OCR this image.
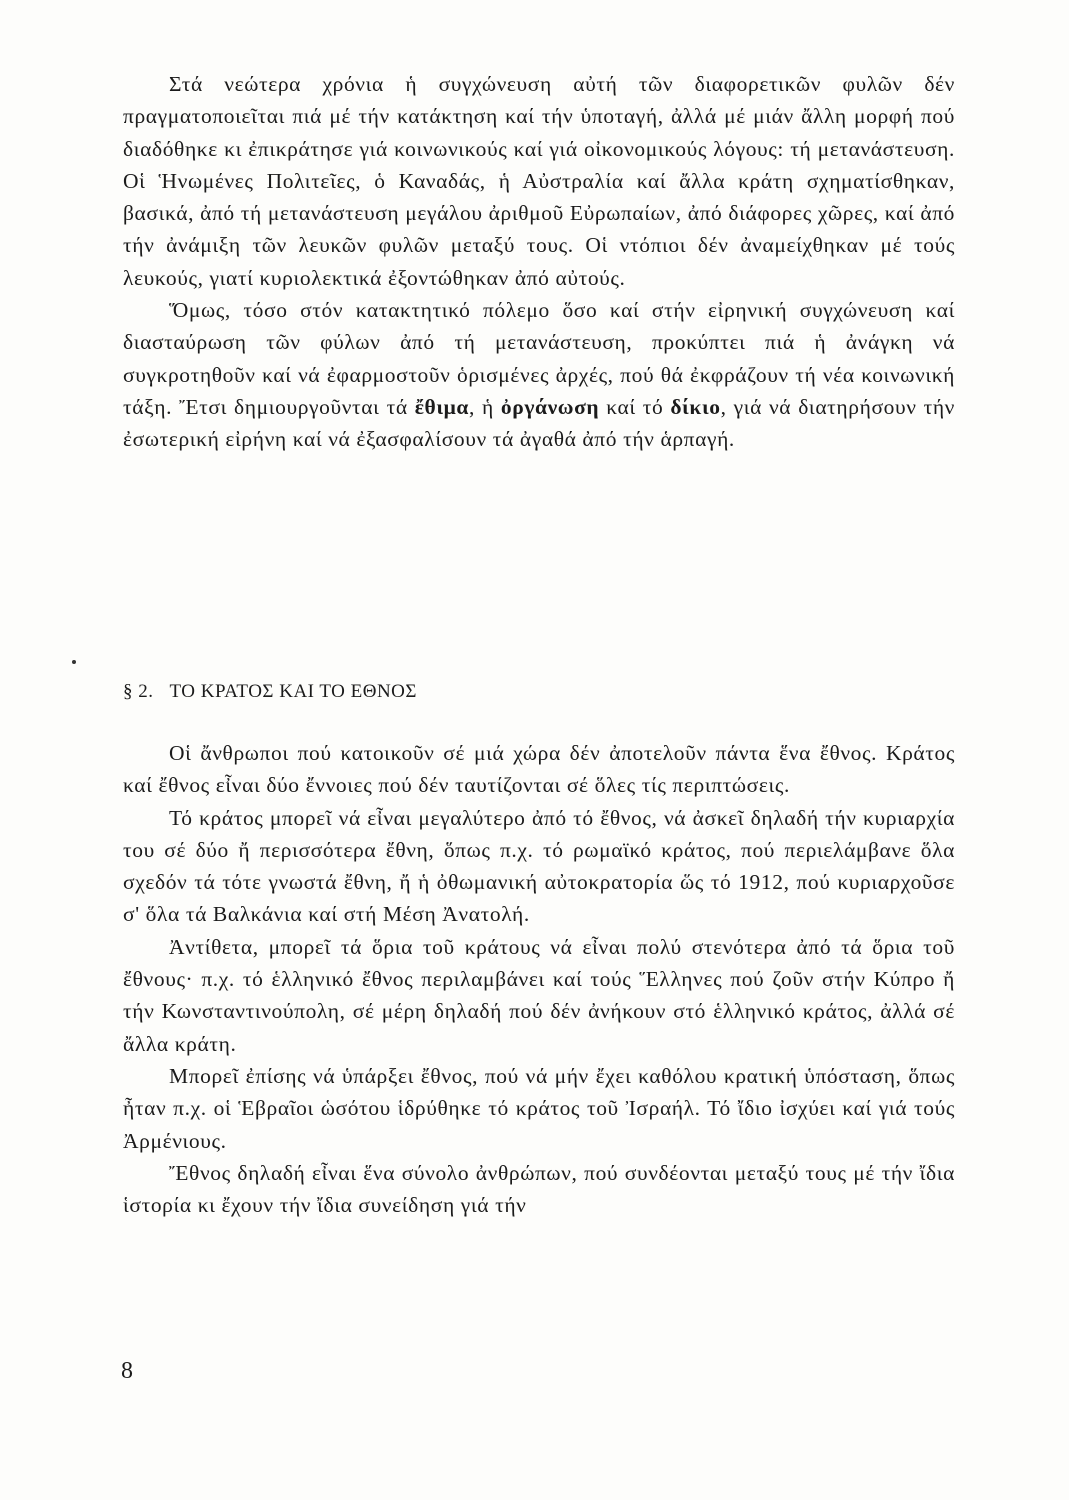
Στά νεώτερα χρόνια ἡ συγχώνευση αὐτή τῶν διαφορετικῶν φυλῶν δέν πραγματοποιεῖται πιά μέ τήν κατάκτηση καί τήν ὑποταγή, ἀλλά μέ μιάν ἄλλη μορφή πού διαδόθηκε κι ἐπικράτησε γιά κοινωνικούς καί γιά οἰκονομικούς λόγους: τή μετανάστευση. Οἱ Ἡνωμένες Πολιτεῖες, ὁ Καναδάς, ἡ Αὐστραλία καί ἄλλα κράτη σχηματίσθηκαν, βασικά, ἀπό τή μετανάστευση μεγάλου ἀριθμοῦ Εὐρωπαίων, ἀπό διάφορες χῶρες, καί ἀπό τήν ἀνάμιξη τῶν λευκῶν φυλῶν μεταξύ τους. Οἱ ντόπιοι δέν ἀναμείχθηκαν μέ τούς λευκούς, γιατί κυριολεκτικά ἐξοντώθηκαν ἀπό αὐτούς.

Ὅμως, τόσο στόν κατακτητικό πόλεμο ὅσο καί στήν εἰρηνική συγχώνευση καί διασταύρωση τῶν φύλων ἀπό τή μετανάστευση, προκύπτει πιά ἡ ἀνάγκη νά συγκροτηθοῦν καί νά ἐφαρμοστοῦν ὁρισμένες ἀρχές, πού θά ἐκφράζουν τή νέα κοινωνική τάξη. Ἔτσι δημιουργοῦνται τά ἔθιμα, ἡ ὀργάνωση καί τό δίκιο, γιά νά διατηρήσουν τήν ἐσωτερική εἰρήνη καί νά ἐξασφαλίσουν τά ἀγαθά ἀπό τήν ἁρπαγή.

§ 2. ΤΟ ΚΡΑΤΟΣ ΚΑΙ ΤΟ ΕΘΝΟΣ

Οἱ ἄνθρωποι πού κατοικοῦν σέ μιά χώρα δέν ἀποτελοῦν πάντα ἕνα ἔθνος. Κράτος καί ἔθνος εἶναι δύο ἔννοιες πού δέν ταυτίζονται σέ ὅλες τίς περιπτώσεις.

Τό κράτος μπορεῖ νά εἶναι μεγαλύτερο ἀπό τό ἔθνος, νά ἀσκεῖ δηλαδή τήν κυριαρχία του σέ δύο ἤ περισσότερα ἔθνη, ὅπως π.χ. τό ρωμαϊκό κράτος, πού περιελάμβανε ὅλα σχεδόν τά τότε γνωστά ἔθνη, ἤ ἡ ὀθωμανική αὐτοκρατορία ὥς τό 1912, πού κυριαρχοῦσε σ' ὅλα τά Βαλκάνια καί στή Μέση Ἀνατολή.

Ἀντίθετα, μπορεῖ τά ὅρια τοῦ κράτους νά εἶναι πολύ στενότερα ἀπό τά ὅρια τοῦ ἔθνους· π.χ. τό ἑλληνικό ἔθνος περιλαμβάνει καί τούς Ἕλληνες πού ζοῦν στήν Κύπρο ἤ τήν Κωνσταντινούπολη, σέ μέρη δηλαδή πού δέν ἀνήκουν στό ἑλληνικό κράτος, ἀλλά σέ ἄλλα κράτη.

Μπορεῖ ἐπίσης νά ὑπάρξει ἔθνος, πού νά μήν ἔχει καθόλου κρατική ὑπόσταση, ὅπως ἦταν π.χ. οἱ Ἑβραῖοι ὡσότου ἱδρύθηκε τό κράτος τοῦ Ἰσραήλ. Τό ἴδιο ἰσχύει καί γιά τούς Ἀρμένιους.

Ἔθνος δηλαδή εἶναι ἕνα σύνολο ἀνθρώπων, πού συνδέονται μεταξύ τους μέ τήν ἴδια ἱστορία κι ἔχουν τήν ἴδια συνείδηση γιά τήν

8
